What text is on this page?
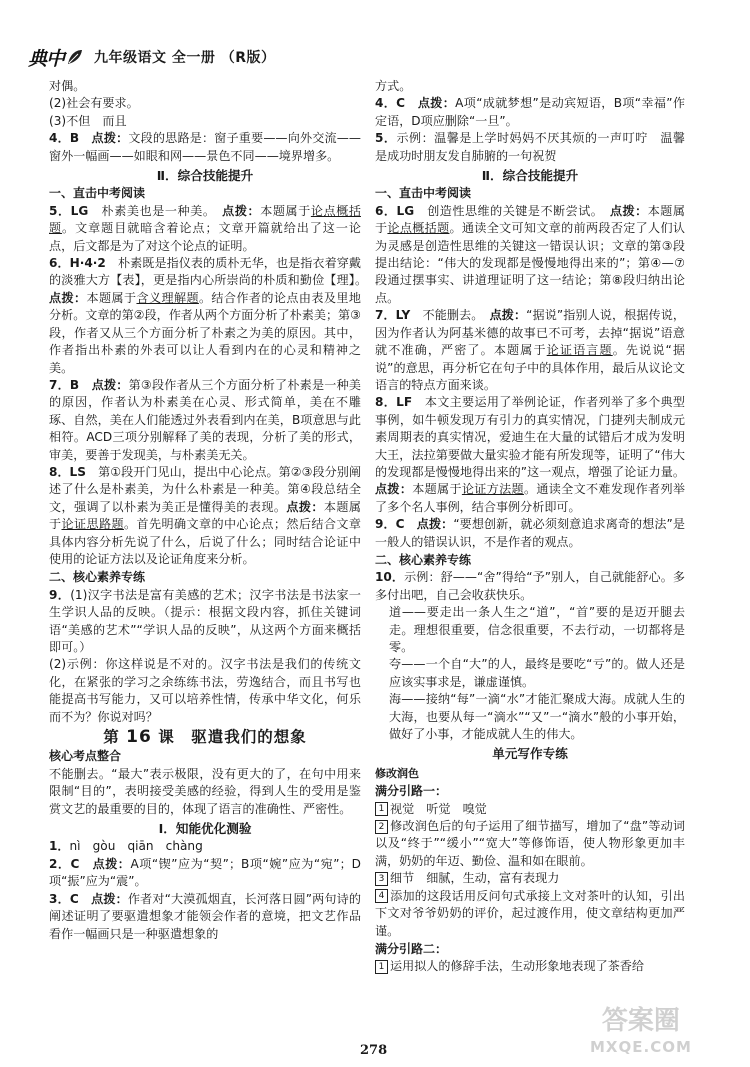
典中 九年级语文 全一册 （R版）

对偶。

(2)社会有要求。

(3)不但　而且

4．B　 点拨：文段的思路是：窗子重要——向外交流——窗外一幅画——如眼和网——景色不同——境界增多。

Ⅱ．综合技能提升
一、直击中考阅读

5．LG　 朴素美也是一种美。　 点拨：本题属于论点概括题。文章题目就暗含着论点；文章开篇就给出了这一论点，后文都是为了对这个论点的证明。

6．H·4·2　 朴素既是指仪表的质朴无华，也是指衣着穿戴的淡雅大方【表】，更是指内心所崇尚的朴质和勤俭【理】。　点拨：本题属于含义理解题。结合作者的论点由表及里地分析。文章的第②段，作者从两个方面分析了朴素美；第③段，作者又从三个方面分析了朴素之为美的原因。其中，作者指出朴素的外表可以让人看到内在的心灵和精神之美。

7．B　 点拨：第③段作者从三个方面分析了朴素是一种美的原因，作者认为朴素美在心灵、形式简单，美在不雕琢、自然，美在人们能透过外表看到内在美，B项意思与此相符。ACD三项分别解释了美的表现，分析了美的形式，审美，要善于发现美，与朴素美无关。

8．LS　 第①段开门见山，提出中心论点。第②③段分别阐述了什么是朴素美，为什么朴素是一种美。第④段总结全文，强调了以朴素为美正是懂得美的表现。点拨：本题属于论证思路题。首先明确文章的中心论点；然后结合文章具体内容分析先说了什么，后说了什么；同时结合论证中使用的论证方法以及论证角度来分析。

二、核心素养专练

9．(1)汉字书法是富有美感的艺术；汉字书法是书法家一生学识人品的反映。（提示：根据文段内容，抓住关键词语“美感的艺术”“学识人品的反映”，从这两个方面来概括即可。）

(2)示例：你这样说是不对的。汉字书法是我们的传统文化，在紧张的学习之余练练书法，劳逸结合，而且书写也能提高书写能力，又可以培养性情，传承中华文化，何乐而不为？你说对吗？

第 16 课　驱遣我们的想象
核心考点整合

不能删去。“最大”表示极限，没有更大的了，在句中用来限制“目的”，表明接受美感的经验，得到人生的受用是鉴赏文艺的最重要的目的，体现了语言的准确性、严密性。

Ⅰ．知能优化测验

1．nì　gòu　qiān　chàng

2．C　 点拨：A项“锲”应为“契”；B项“婉”应为“宛”；D项“振”应为“震”。

3．C　 点拨：作者对“大漠孤烟直，长河落日圆”两句诗的阐述证明了要驱遣想象才能领会作者的意境，把文艺作品看作一幅画只是一种驱遣想象的

方式。

4．C　 点拨：A项“成就梦想”是动宾短语，B项“幸福”作定语，D项应删除“一旦”。

5．示例：温馨是上学时妈妈不厌其烦的一声叮咛　温馨是成功时朋友发自肺腑的一句祝贺

Ⅱ．综合技能提升
一、直击中考阅读

6．LG　 创造性思维的关键是不断尝试。　 点拨：本题属于论点概括题。通读全文可知文章的前两段否定了人们认为灵感是创造性思维的关键这一错误认识；文章的第③段提出结论：“伟大的发现都是慢慢地得出来的”；第④—⑦段通过摆事实、讲道理证明了这一结论；第⑧段归纳出论点。

7．LY　 不能删去。　 点拨：“据说”指别人说，根据传说，因为作者认为阿基米德的故事已不可考，去掉“据说”语意就不准确，严密了。本题属于论证语言题。先说说“据说”的意思，再分析它在句子中的具体作用，最后从议论文语言的特点方面来谈。

8．LF　 本文主要运用了举例论证，作者列举了多个典型事例，如牛顿发现万有引力的真实情况，门捷列夫制成元素周期表的真实情况，爱迪生在大量的试错后才成为发明大王，法拉第要做大量实验才能有所发现等，证明了“伟大的发现都是慢慢地得出来的”这一观点，增强了论证力量。点拨：本题属于论证方法题。通读全文不难发现作者列举了多个名人事例，结合事例分析即可。

9．C　 点拨：“要想创新，就必须刻意追求离奇的想法”是一般人的错误认识，不是作者的观点。

二、核心素养专练

10．示例：舒——“舍”得给“予”别人，自己就能舒心。多多付出吧，自己会收获快乐。

道——要走出一条人生之“道”，“首”要的是迈开腿去走。理想很重要，信念很重要，不去行动，一切都将是零。

夸——一个自“大”的人，最终是要吃“亏”的。做人还是应该实事求是，谦虚谨慎。

海——接纳“每”一滴“水”才能汇聚成大海。成就人生的大海，也要从每一“滴水”“又”一“滴水”般的小事开始，做好了小事，才能成就人生的伟大。

单元写作专练
修改润色
满分引路一：

1 视觉　听觉　嗅觉

2 修改润色后的句子运用了细节描写，增加了“盘”等动词以及“终于”“缓小”“宽大”等修饰语，使人物形象更加丰满，奶奶的年迈、勤俭、温和如在眼前。

3 细节　细腻，生动，富有表现力

4 添加的这段话用反问句式承接上文对茶叶的认知，引出下文对爷爷奶奶的评价，起过渡作用，使文章结构更加严谨。

满分引路二：

1 运用拟人的修辞手法，生动形象地表现了茶香给

278
答案圈
MXQE.COM
